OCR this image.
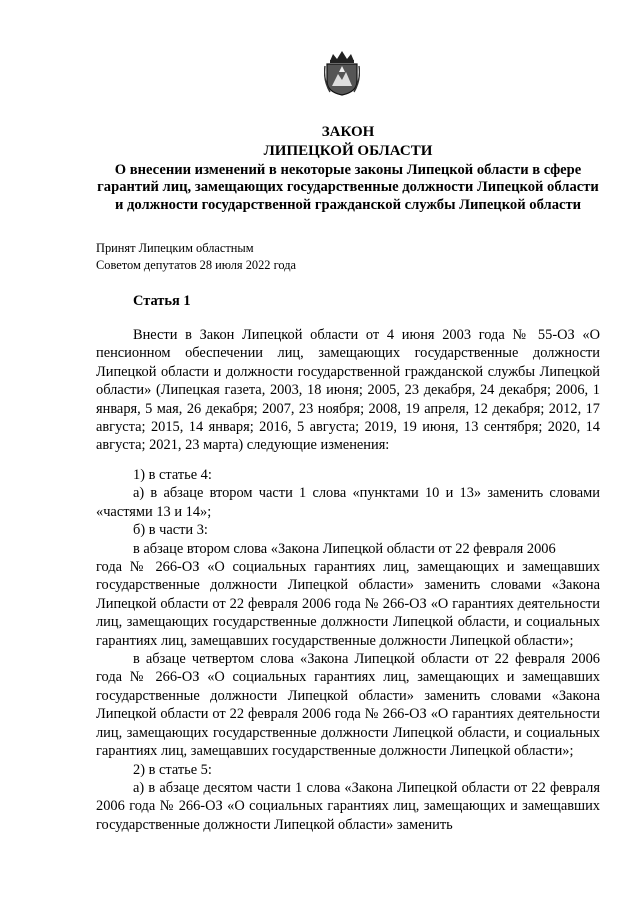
ЗАКОН
ЛИПЕЦКОЙ ОБЛАСТИ
О внесении изменений в некоторые законы Липецкой области в сфере гарантий лиц, замещающих государственные должности Липецкой области и должности государственной гражданской службы Липецкой области
Принят Липецким областным
Советом депутатов 28 июля 2022 года
Статья 1

Внести в Закон Липецкой области от 4 июня 2003 года № 55-ОЗ «О пенсионном обеспечении лиц, замещающих государственные должности Липецкой области и должности государственной гражданской службы Липецкой области» (Липецкая газета, 2003, 18 июня; 2005, 23 декабря, 24 декабря; 2006, 1 января, 5 мая, 26 декабря; 2007, 23 ноября; 2008, 19 апреля, 12 декабря; 2012, 17 августа; 2015, 14 января; 2016, 5 августа; 2019, 19 июня, 13 сентября; 2020, 14 августа; 2021, 23 марта) следующие изменения:

1) в статье 4:

а) в абзаце втором части 1 слова «пунктами 10 и 13» заменить словами «частями 13 и 14»;

б) в части 3:

в абзаце втором слова «Закона Липецкой области от 22 февраля 2006

года № 266-ОЗ «О социальных гарантиях лиц, замещающих и замещавших государственные должности Липецкой области» заменить словами «Закона Липецкой области от 22 февраля 2006 года № 266-ОЗ «О гарантиях деятельности лиц, замещающих государственные должности Липецкой области, и социальных гарантиях лиц, замещавших государственные должности Липецкой области»;

в абзаце четвертом слова «Закона Липецкой области от 22 февраля 2006 года № 266-ОЗ «О социальных гарантиях лиц, замещающих и замещавших государственные должности Липецкой области» заменить словами «Закона Липецкой области от 22 февраля 2006 года № 266-ОЗ «О гарантиях деятельности лиц, замещающих государственные должности Липецкой области, и социальных гарантиях лиц, замещавших государственные должности Липецкой области»;

2) в статье 5:

а) в абзаце десятом части 1 слова «Закона Липецкой области от 22 февраля 2006 года № 266-ОЗ «О социальных гарантиях лиц, замещающих и замещавших государственные должности Липецкой области» заменить
